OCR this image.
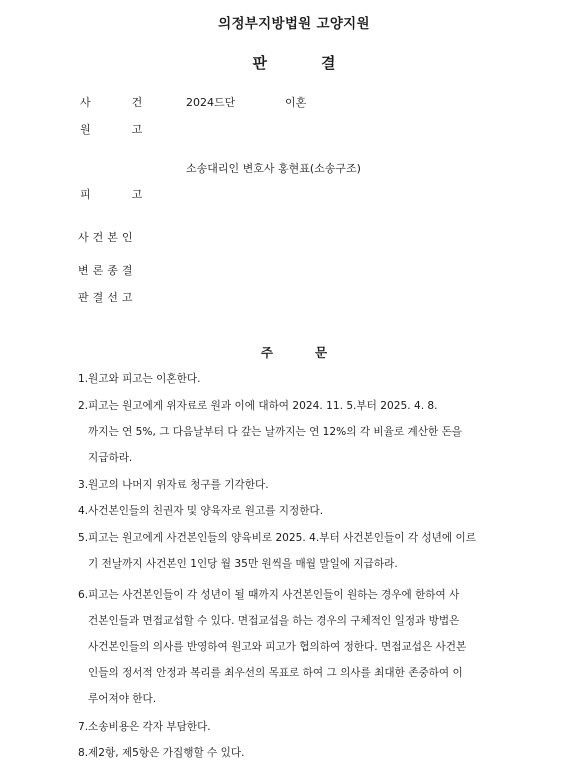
의정부지방법원 고양지원
판결
사건 2024드단	이혼
원고
소송대리인 변호사 홍현표(소송구조)
피고
사건본인
변론종결
판결선고
주문
1. 원고와 피고는 이혼한다.
2. 피고는 원고에게 위자료로 원과 이에 대하여 2024. 11. 5.부터 2025. 4. 8.
까지는 연 5%, 그 다음날부터 다 갚는 날까지는 연 12%의 각 비율로 계산한 돈을
지급하라.
3. 원고의 나머지 위자료 청구를 기각한다.
4. 사건본인들의 친권자 및 양육자로 원고를 지정한다.
5. 피고는 원고에게 사건본인들의 양육비로 2025. 4.부터 사건본인들이 각 성년에 이르
기 전날까지 사건본인 1인당 월 35만 원씩을 매월 말일에 지급하라.
6. 피고는 사건본인들이 각 성년이 될 때까지 사건본인들이 원하는 경우에 한하여 사
건본인들과 면접교섭할 수 있다. 면접교섭을 하는 경우의 구체적인 일정과 방법은
사건본인들의 의사를 반영하여 원고와 피고가 협의하여 정한다. 면접교섭은 사건본
인들의 정서적 안정과 복리를 최우선의 목표로 하여 그 의사를 최대한 존중하여 이
루어져야 한다.
7. 소송비용은 각자 부담한다.
8. 제2항, 제5항은 가집행할 수 있다.
